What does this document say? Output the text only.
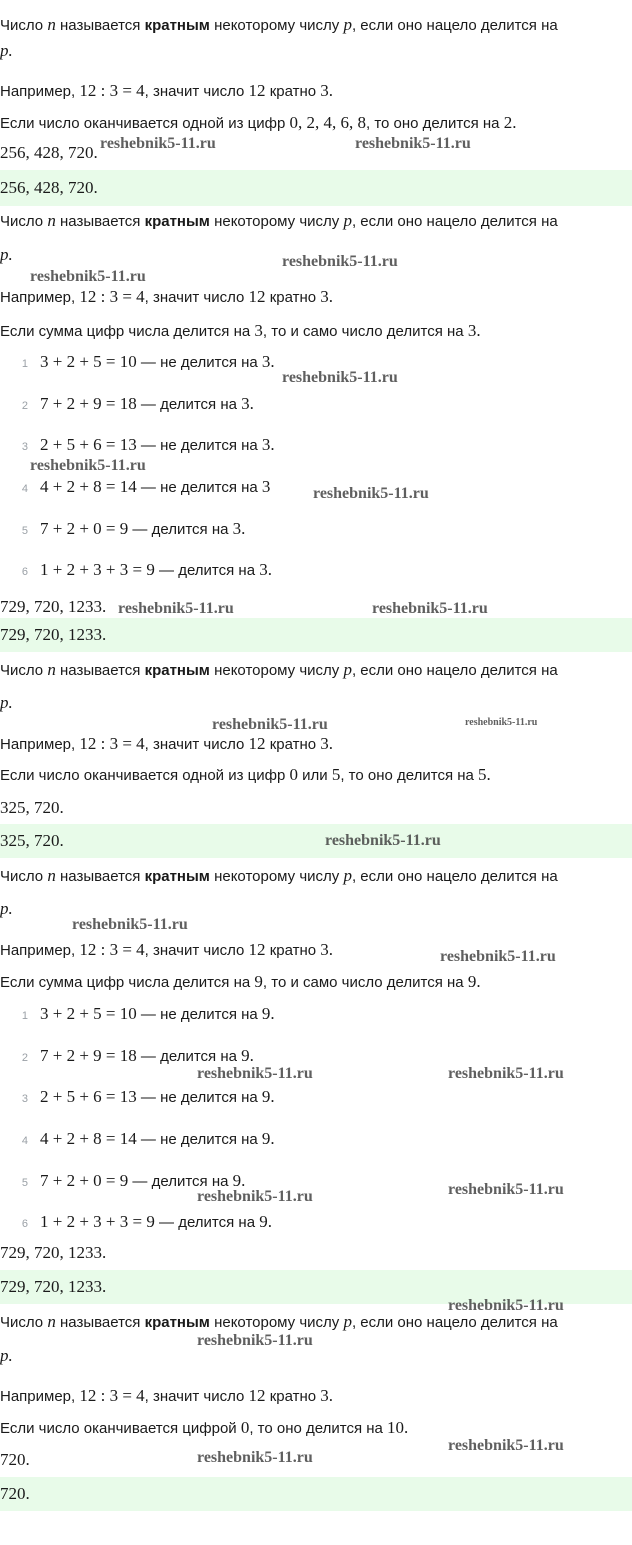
Число n называется кратным некоторому числу p, если оно нацело делится на
p.
Например, 12 : 3 = 4, значит число 12 кратно 3.
Если число оканчивается одной из цифр 0, 2, 4, 6, 8, то оно делится на 2.
256, 428, 720.
256, 428, 720.
Число n называется кратным некоторому числу p, если оно нацело делится на
p.
Например, 12 : 3 = 4, значит число 12 кратно 3.
Если сумма цифр числа делится на 3, то и само число делится на 3.
1 3 + 2 + 5 = 10 — не делится на 3.
2 7 + 2 + 9 = 18 — делится на 3.
3 2 + 5 + 6 = 13 — не делится на 3.
4 4 + 2 + 8 = 14 — не делится на 3
5 7 + 2 + 0 = 9 — делится на 3.
6 1 + 2 + 3 + 3 = 9 — делится на 3.
729, 720, 1233.
729, 720, 1233.
Число n называется кратным некоторому числу p, если оно нацело делится на
p.
Например, 12 : 3 = 4, значит число 12 кратно 3.
Если число оканчивается одной из цифр 0 или 5, то оно делится на 5.
325, 720.
325, 720.
Число n называется кратным некоторому числу p, если оно нацело делится на
p.
Например, 12 : 3 = 4, значит число 12 кратно 3.
Если сумма цифр числа делится на 9, то и само число делится на 9.
1 3 + 2 + 5 = 10 — не делится на 9.
2 7 + 2 + 9 = 18 — делится на 9.
3 2 + 5 + 6 = 13 — не делится на 9.
4 4 + 2 + 8 = 14 — не делится на 9.
5 7 + 2 + 0 = 9 — делится на 9.
6 1 + 2 + 3 + 3 = 9 — делится на 9.
729, 720, 1233.
729, 720, 1233.
Число n называется кратным некоторому числу p, если оно нацело делится на
p.
Например, 12 : 3 = 4, значит число 12 кратно 3.
Если число оканчивается цифрой 0, то оно делится на 10.
720.
720.
reshebnik5-11.ru	reshebnik5-11.ru
reshebnik5-11.ru
reshebnik5-11.ru
reshebnik5-11.ru
reshebnik5-11.ru
reshebnik5-11.ru
reshebnik5-11.ru	reshebnik5-11.ru
reshebnik5-11.ru	reshebnik5-11.ru
reshebnik5-11.ru
reshebnik5-11.ru
reshebnik5-11.ru
reshebnik5-11.ru	reshebnik5-11.ru
reshebnik5-11.ru	reshebnik5-11.ru
reshebnik5-11.ru
reshebnik5-11.ru
reshebnik5-11.ru
reshebnik5-11.ru
